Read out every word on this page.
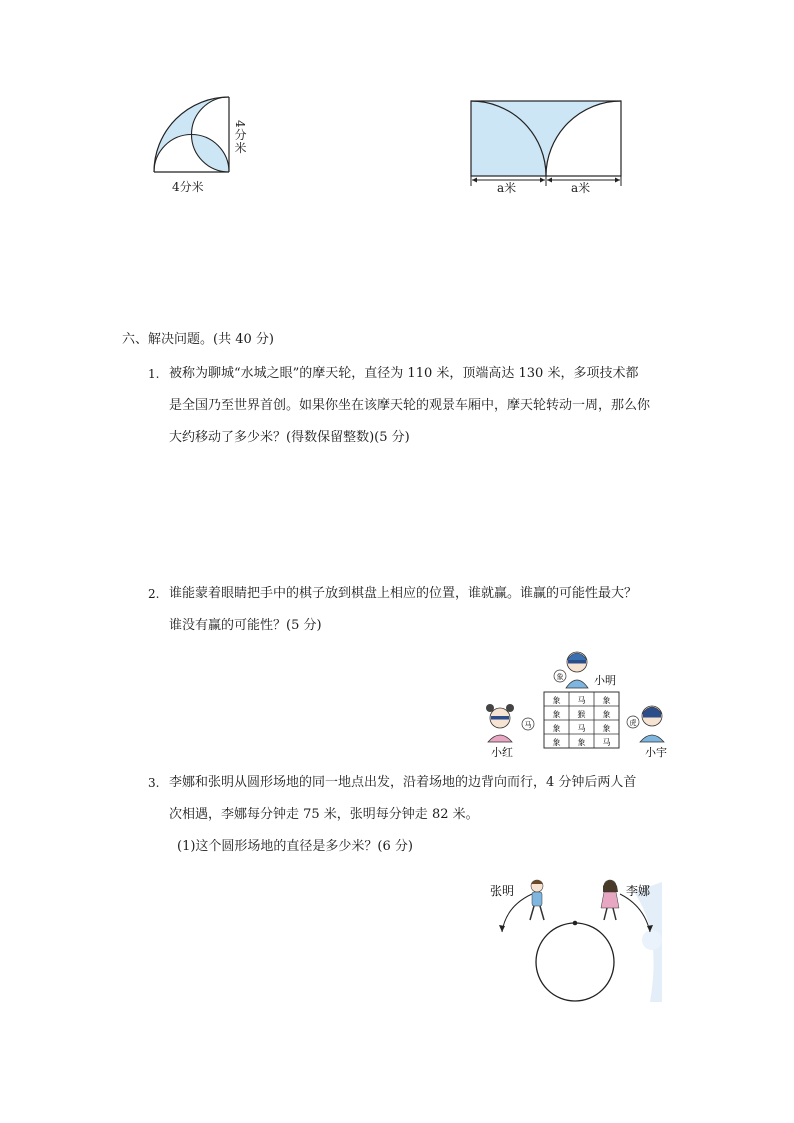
4分米
4分米
a米	a米
六、解决问题。(共 40 分)
1. 被称为聊城“水城之眼”的摩天轮，直径为 110 米，顶端高达 130 米，多项技术都
是全国乃至世界首创。如果你坐在该摩天轮的观景车厢中，摩天轮转动一周，那么你
大约移动了多少米？(得数保留整数)(5 分)
2. 谁能蒙着眼睛把手中的棋子放到棋盘上相应的位置，谁就赢。谁赢的可能性最大？
谁没有赢的可能性？(5 分)
象 马 象
象 猴 象
象 马 象
象 象 马
象
马	虎
小明
小红	小宇
3. 李娜和张明从圆形场地的同一地点出发，沿着场地的边背向而行，4 分钟后两人首
次相遇，李娜每分钟走 75 米，张明每分钟走 82 米。
(1)这个圆形场地的直径是多少米？(6 分)
张明	李娜
